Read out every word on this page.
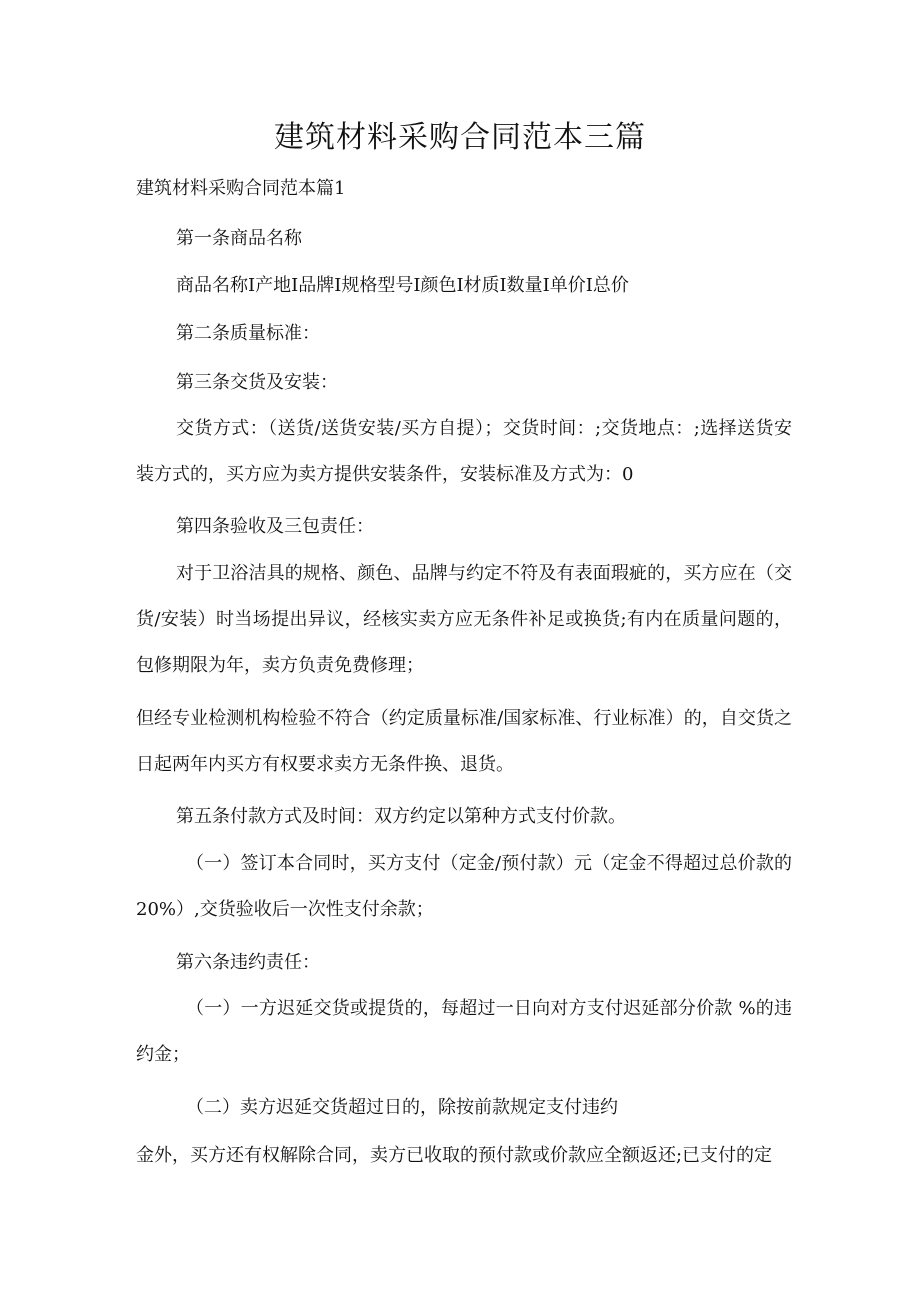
建筑材料采购合同范本三篇

建筑材料采购合同范本篇1

第一条商品名称

商品名称I产地I品牌I规格型号I颜色I材质I数量I单价I总价

第二条质量标准：

第三条交货及安装：

交货方式：（送货/送货安装/买方自提）；交货时间：;交货地点：;选择送货安装方式的，买方应为卖方提供安装条件，安装标准及方式为：0

第四条验收及三包责任：

对于卫浴洁具的规格、颜色、品牌与约定不符及有表面瑕疵的，买方应在（交货/安装）时当场提出异议，经核实卖方应无条件补足或换货;有内在质量问题的，包修期限为年，卖方负责免费修理；

但经专业检测机构检验不符合（约定质量标准/国家标准、行业标准）的，自交货之日起两年内买方有权要求卖方无条件换、退货。

第五条付款方式及时间：双方约定以第种方式支付价款。

（一）签订本合同时，买方支付（定金/预付款）元（定金不得超过总价款的20%）,交货验收后一次性支付余款；

第六条违约责任：

（一）一方迟延交货或提货的，每超过一日向对方支付迟延部分价款 %的违约金；

（二）卖方迟延交货超过日的，除按前款规定支付违约

金外，买方还有权解除合同，卖方已收取的预付款或价款应全额返还;已支付的定
